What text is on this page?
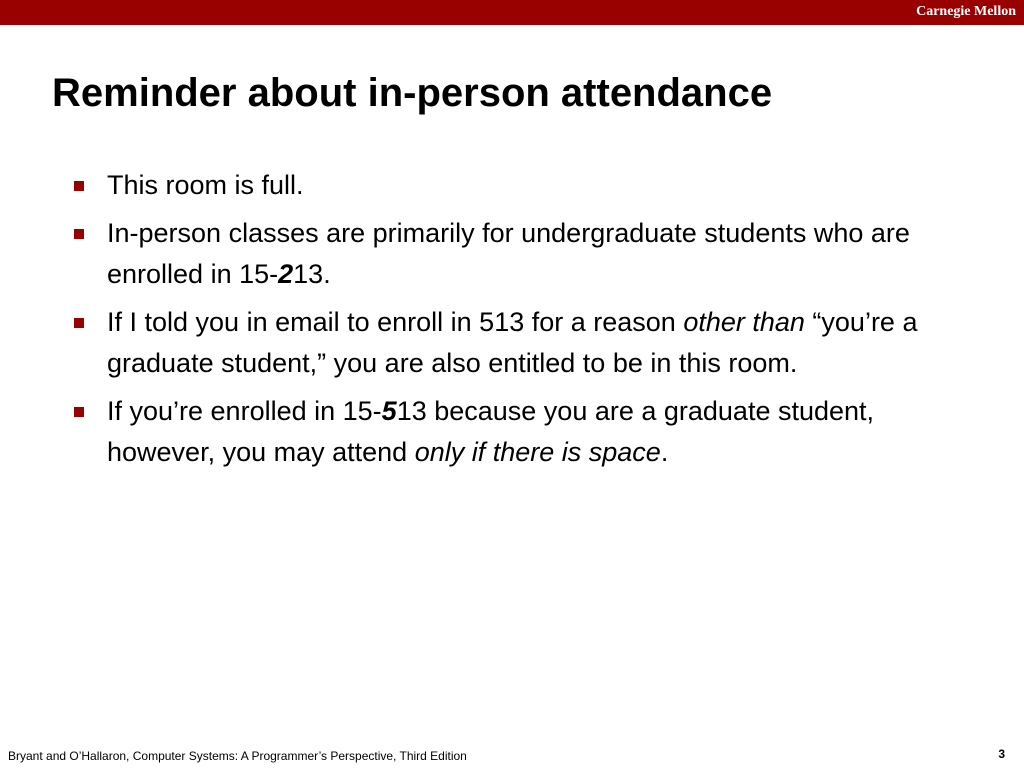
Carnegie Mellon
Reminder about in-person attendance
This room is full.
In-person classes are primarily for undergraduate students who are enrolled in 15-213.
If I told you in email to enroll in 513 for a reason other than “you’re a graduate student,” you are also entitled to be in this room.
If you’re enrolled in 15-513 because you are a graduate student, however, you may attend only if there is space.
Bryant and O’Hallaron, Computer Systems: A Programmer’s Perspective, Third Edition	3
